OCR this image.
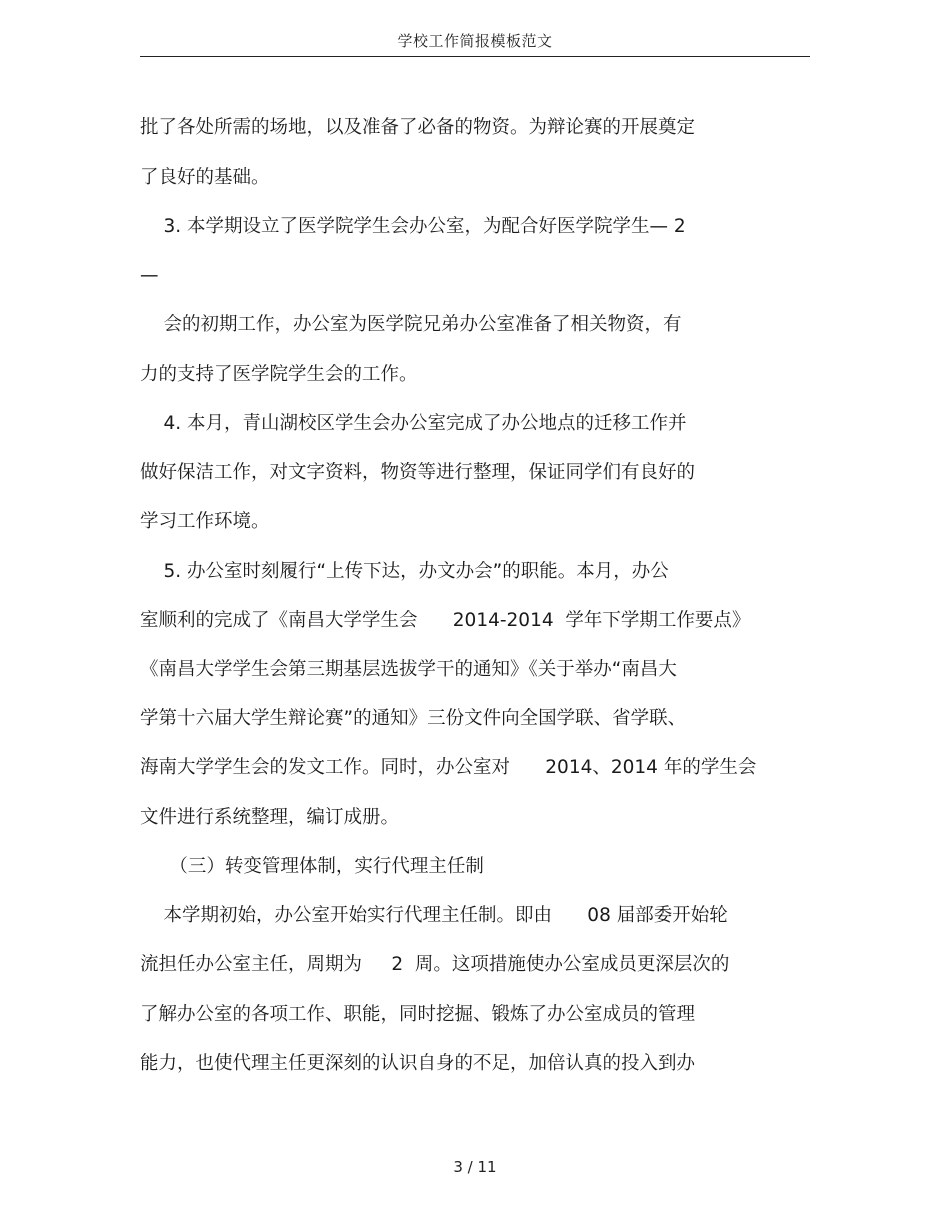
学校工作简报模板范文
批了各处所需的场地，以及准备了必备的物资。为辩论赛的开展奠定
了良好的基础。
3. 本学期设立了医学院学生会办公室，为配合好医学院学生— 2
—
会的初期工作，办公室为医学院兄弟办公室准备了相关物资，有
力的支持了医学院学生会的工作。
4. 本月，青山湖校区学生会办公室完成了办公地点的迁移工作并
做好保洁工作，对文字资料，物资等进行整理，保证同学们有良好的
学习工作环境。
5. 办公室时刻履行“上传下达，办文办会”的职能。本月，办公
室顺利的完成了《南昌大学学生会      2014-2014  学年下学期工作要点》
《南昌大学学生会第三期基层选拔学干的通知》《关于举办“南昌大
学第十六届大学生辩论赛”的通知》三份文件向全国学联、省学联、
海南大学学生会的发文工作。同时，办公室对      2014、2014 年的学生会
文件进行系统整理，编订成册。
（三）转变管理体制，实行代理主任制
本学期初始，办公室开始实行代理主任制。即由      08 届部委开始轮
流担任办公室主任，周期为     2  周。这项措施使办公室成员更深层次的
了解办公室的各项工作、职能，同时挖掘、锻炼了办公室成员的管理
能力，也使代理主任更深刻的认识自身的不足，加倍认真的投入到办
3 / 11
